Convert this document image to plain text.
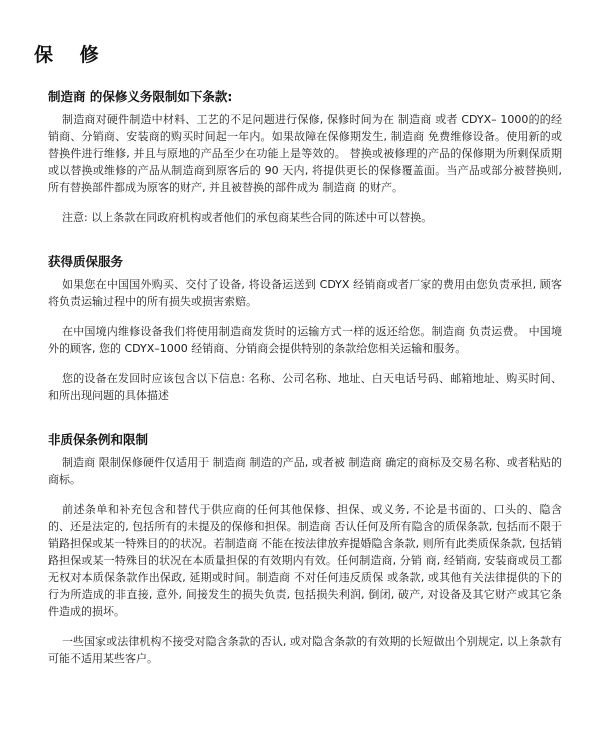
保 修
制造商 的保修义务限制如下条款:

制造商对硬件制造中材料、工艺的不足问题进行保修, 保修时间为在 制造商 或者 CDYX– 1000的的经销商、分销商、安装商的购买时间起一年内。如果故障在保修期发生, 制造商 免费维修设备。使用新的或替换件进行维修, 并且与原地的产品至少在功能上是等效的。 替换或被修理的产品的保修期为所剩保质期或以替换或维修的产品从制造商到原客后的 90 天内, 将提供更长的保修覆盖面。当产品或部分被替换则, 所有替换部件都成为原客的财产, 并且被替换的部件成为 制造商 的财产。

注意: 以上条款在同政府机构或者他们的承包商某些合同的陈述中可以替换。

获得质保服务

如果您在中国国外购买、交付了设备, 将设备运送到 CDYX 经销商或者厂家的费用由您负责承担, 顾客将负责运输过程中的所有损失或损害索赔。

在中国境内维修设备我们将使用制造商发货时的运输方式一样的返还给您。制造商 负责运费。 中国境外的顾客, 您的 CDYX–1000 经销商、分销商会提供特别的条款给您相关运输和服务。

您的设备在发回时应该包含以下信息: 名称、公司名称、地址、白天电话号码、邮箱地址、购买时间、和所出现问题的具体描述

非质保条例和限制

制造商 限制保修硬件仅适用于 制造商 制造的产品, 或者被 制造商 确定的商标及交易名称、或者粘贴的商标。

前述条单和补充包含和替代于供应商的任何其他保修、担保、或义务, 不论是书面的、口头的、隐含的、还是法定的, 包括所有的未提及的保修和担保。制造商 否认任何及所有隐含的质保条款, 包括而不限于销路担保或某一特殊目的的状况。若制造商 不能在按法律放弃提婚隐含条款, 则所有此类质保条款, 包括销路担保或某一特殊目的状况在本质量担保的有效期内有效。任何制造商, 分销 商, 经销商, 安装商或员工都无权对本质保条款作出保政, 延期或时间。制造商 不对任何违反质保 或条款, 或其他有关法律提供的下的行为所造成的非直接, 意外, 间接发生的损失负责, 包括损失利润, 倒闭, 破产, 对设备及其它财产或其它条件造成的损坏。

一些国家或法律机构不接受对隐含条款的否认, 或对隐含条款的有效期的长短做出个别规定, 以上条款有可能不适用某些客户。
